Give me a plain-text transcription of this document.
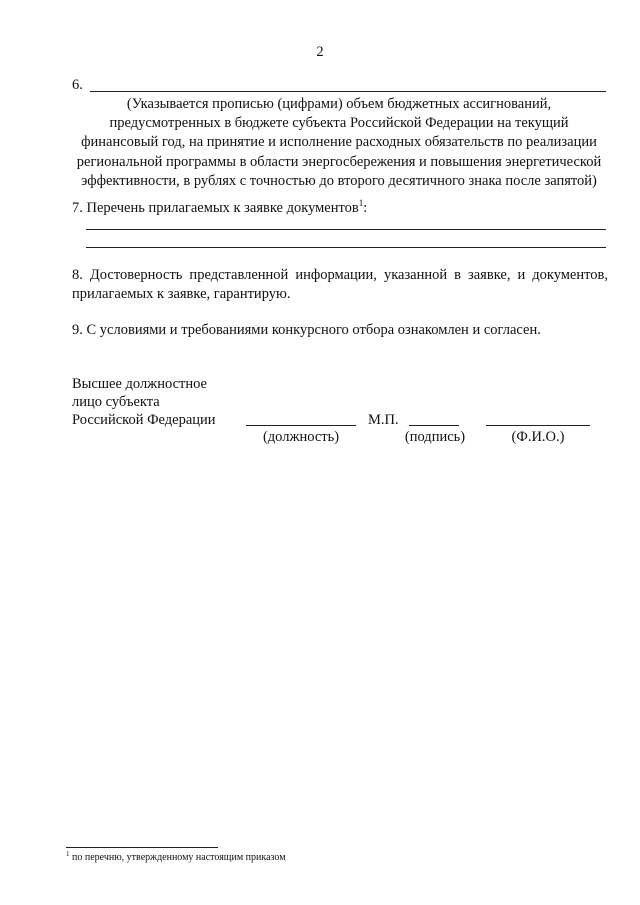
2
6.
(Указывается прописью (цифрами) объем бюджетных ассигнований,
предусмотренных в бюджете субъекта Российской Федерации на текущий
финансовый год, на принятие и исполнение расходных обязательств по реализации
региональной программы в области энергосбережения и повышения энергетической
эффективности, в рублях с точностью до второго десятичного знака после запятой)
7. Перечень прилагаемых к заявке документов$^1$:
8. Достоверность представленной информации, указанной в заявке, и документов,
прилагаемых к заявке, гарантирую.
9. С условиями и требованиями конкурсного отбора ознакомлен и согласен.
Высшее должностное
лицо субъекта
Российской Федерации	М.П.
(должность)	(подпись)	(Ф.И.О.)
$^1$ по перечню, утвержденному настоящим приказом
